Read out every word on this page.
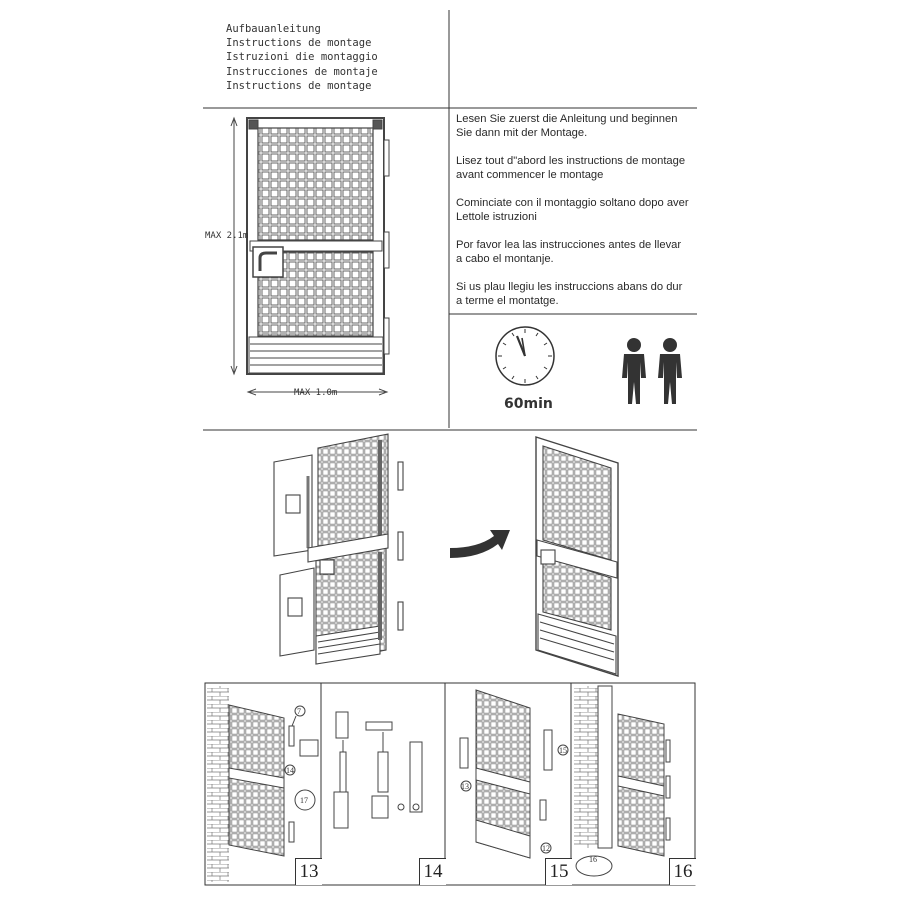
Aufbauanleitung
Instructions de montage
Istruzioni die montaggio
Instrucciones de montaje
Instructions de montage

Lesen Sie zuerst die Anleitung und beginnen
Sie dann mit der Montage.

Lisez tout d"abord les instructions de montage
avant commencer le montage

Cominciate con il montaggio soltano dopo aver
Lettole istruzioni

Por favor lea las instrucciones antes de llevar
a cabo el montanje.

Si us plau llegiu les instruccions abans do dur
a terme el montatge.

MAX 2.1m
MAX 1.0m
60min
7
14
17
13
15
12
16
13	14	15	16
